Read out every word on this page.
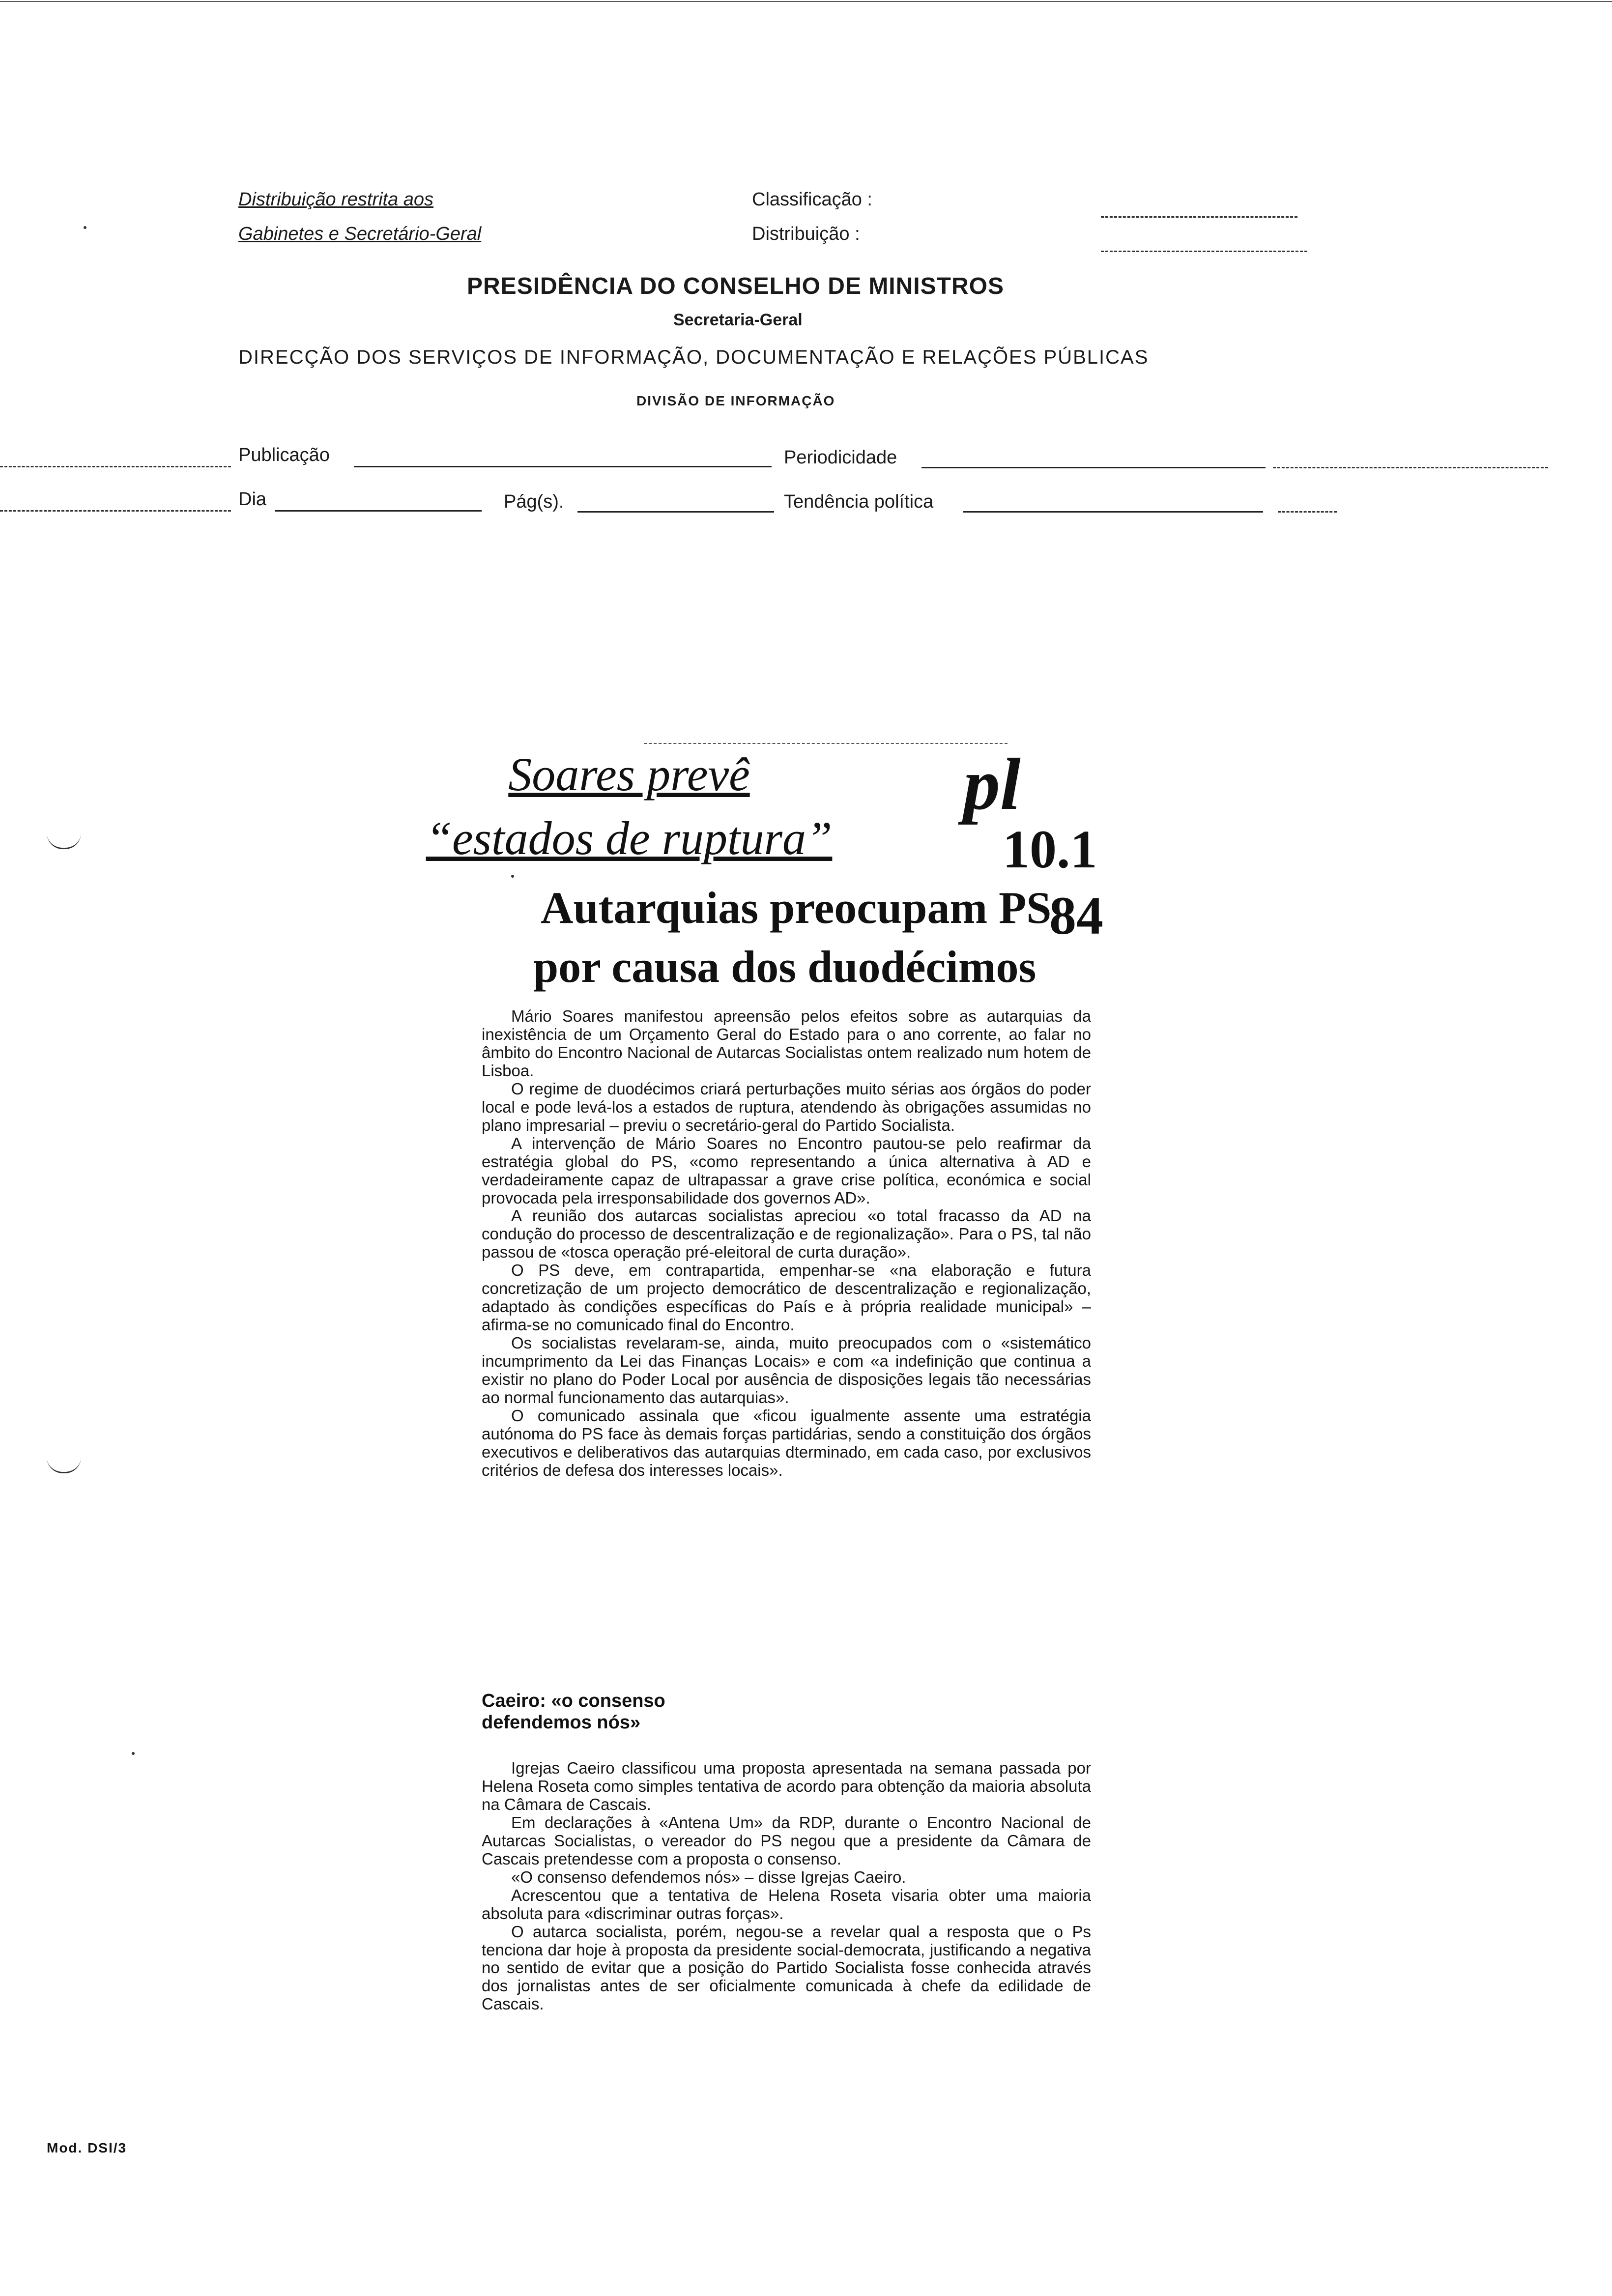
Distribuição restrita aos
Gabinetes e Secretário-Geral
Classificação :
Distribuição :
PRESIDÊNCIA DO CONSELHO DE MINISTROS
Secretaria-Geral
DIRECÇÃO DOS SERVIÇOS DE INFORMAÇÃO, DOCUMENTAÇÃO E RELAÇÕES PÚBLICAS
DIVISÃO DE INFORMAÇÃO
Publicação	Periodicidade
Dia	Pág(s).	Tendência política
Soares prevê
“estados de ruptura”
pl
10.1
84
Autarquias preocupam PS
por causa dos duodécimos

Mário Soares manifestou apreensão pelos efeitos sobre as autarquias da inexistência de um Orçamento Geral do Estado para o ano corrente, ao falar no âmbito do Encontro Nacional de Autarcas Socialistas ontem realizado num hotem de Lisboa.

O regime de duodécimos criará perturbações muito sérias aos órgãos do poder local e pode levá-los a estados de ruptura, atendendo às obrigações assumidas no plano impresarial – previu o secretário-geral do Partido Socialista.

A intervenção de Mário Soares no Encontro pautou-se pelo reafirmar da estratégia global do PS, «como representando a única alternativa à AD e verdadeiramente capaz de ultrapassar a grave crise política, económica e social provocada pela irresponsabilidade dos governos AD».

A reunião dos autarcas socialistas apreciou «o total fracasso da AD na condução do processo de descentralização e de regionalização». Para o PS, tal não passou de «tosca operação pré-eleitoral de curta duração».

O PS deve, em contrapartida, empenhar-se «na elaboração e futura concretização de um projecto democrático de descentralização e regionalização, adaptado às condições específicas do País e à própria realidade municipal» – afirma-se no comunicado final do Encontro.

Os socialistas revelaram-se, ainda, muito preocupados com o «sistemático incumprimento da Lei das Finanças Locais» e com «a indefinição que continua a existir no plano do Poder Local por ausência de disposições legais tão necessárias ao normal funcionamento das autarquias».

O comunicado assinala que «ficou igualmente assente uma estratégia autónoma do PS face às demais forças partidárias, sendo a constituição dos órgãos executivos e deliberativos das autarquias dterminado, em cada caso, por exclusivos critérios de defesa dos interesses locais».

Caeiro: «o consenso
defendemos nós»

Igrejas Caeiro classificou uma proposta apresentada na semana passada por Helena Roseta como simples tentativa de acordo para obtenção da maioria absoluta na Câmara de Cascais.

Em declarações à «Antena Um» da RDP, durante o Encontro Nacional de Autarcas Socialistas, o vereador do PS negou que a presidente da Câmara de Cascais pretendesse com a proposta o consenso.

«O consenso defendemos nós» – disse Igrejas Caeiro.

Acrescentou que a tentativa de Helena Roseta visaria obter uma maioria absoluta para «discriminar outras forças».

O autarca socialista, porém, negou-se a revelar qual a resposta que o Ps tenciona dar hoje à proposta da presidente social-democrata, justificando a negativa no sentido de evitar que a posição do Partido Socialista fosse conhecida através dos jornalistas antes de ser oficialmente comunicada à chefe da edilidade de Cascais.

Mod. DSI/3
